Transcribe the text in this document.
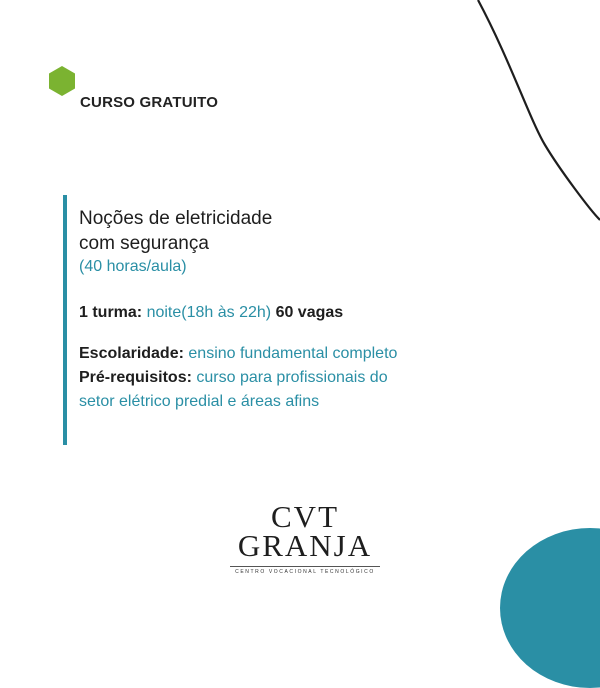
CURSO GRATUITO

Noções de eletricidade
com segurança

(40 horas/aula)

1 turma: noite(18h às 22h) 60 vagas
Escolaridade: ensino fundamental completo
Pré-requisitos: curso para profissionais do
setor elétrico predial e áreas afins
CVT
GRANJA
CENTRO VOCACIONAL TECNOLÓGICO
